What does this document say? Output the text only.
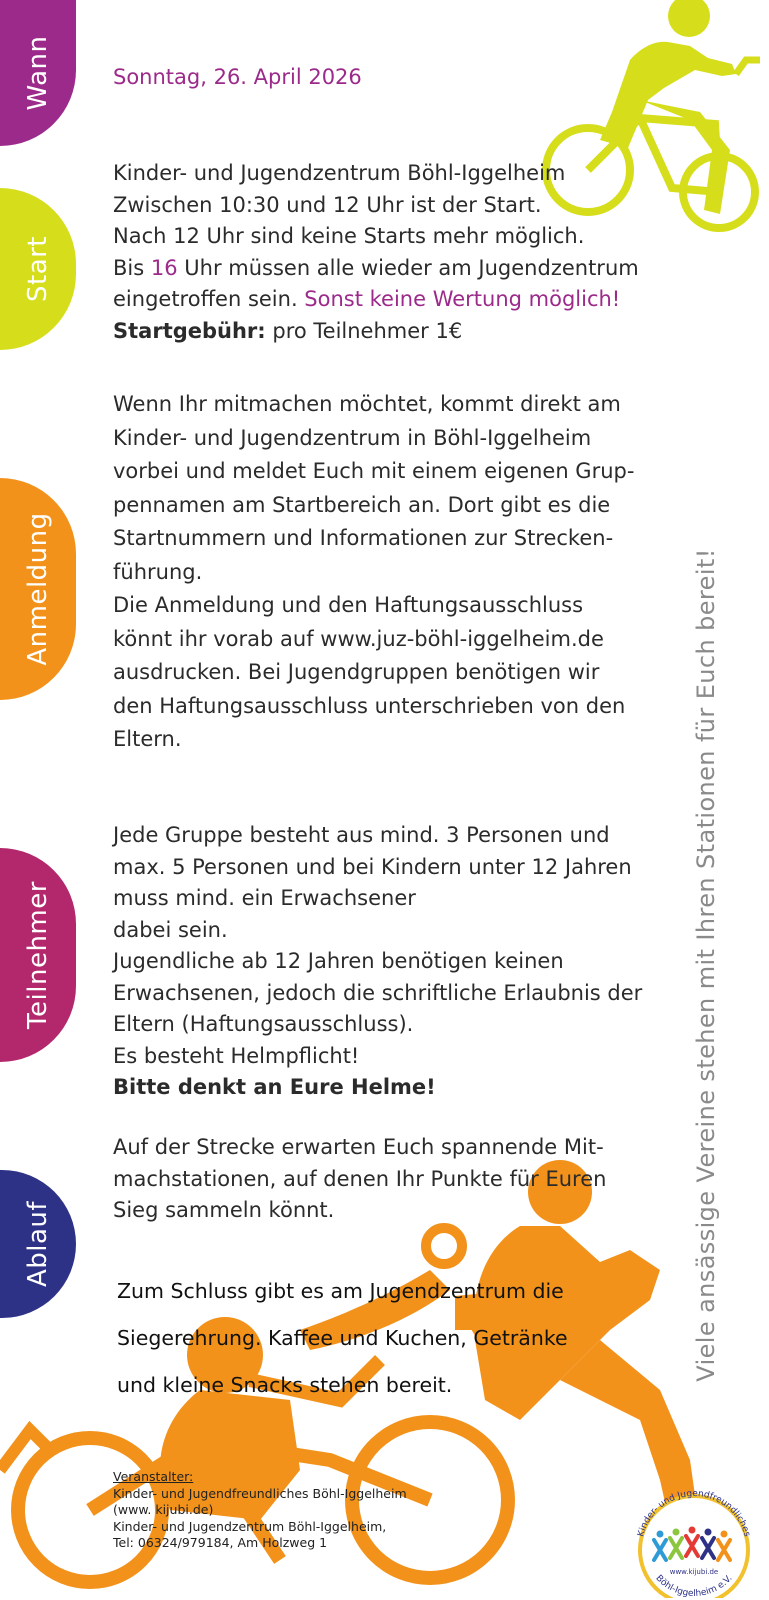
Wann
Start
Anmeldung
Teilnehmer
Ablauf
Sonntag, 26. April 2026
Kinder- und Jugendzentrum Böhl-Iggelheim
Zwischen 10:30 und 12 Uhr ist der Start.
Nach 12 Uhr sind keine Starts mehr möglich.
Bis 16 Uhr müssen alle wieder am Jugendzentrum
eingetroffen sein. Sonst keine Wertung möglich!
Startgebühr: pro Teilnehmer 1€
Wenn Ihr mitmachen möchtet, kommt direkt am
Kinder- und Jugendzentrum in Böhl-Iggelheim
vorbei und meldet Euch mit einem eigenen Grup-
pennamen am Startbereich an. Dort gibt es die
Startnummern und Informationen zur Strecken-
führung.
Die Anmeldung und den Haftungsausschluss
könnt ihr vorab auf www.juz-böhl-iggelheim.de
ausdrucken. Bei Jugendgruppen benötigen wir
den Haftungsausschluss unterschrieben von den
Eltern.
Jede Gruppe besteht aus mind. 3 Personen und
max. 5 Personen und bei Kindern unter 12 Jahren
muss mind. ein Erwachsener
dabei sein.
Jugendliche ab 12 Jahren benötigen keinen
Erwachsenen, jedoch die schriftliche Erlaubnis der
Eltern (Haftungsausschluss).
Es besteht Helmpflicht!
Bitte denkt an Eure Helme!
Auf der Strecke erwarten Euch spannende Mit-
machstationen, auf denen Ihr Punkte für Euren
Sieg sammeln könnt.
Zum Schluss gibt es am Jugendzentrum die
Siegerehrung. Kaffee und Kuchen, Getränke
und kleine Snacks stehen bereit.
Viele ansässige Vereine stehen mit Ihren Stationen für Euch bereit!
Veranstalter:
Kinder- und Jugendfreundliches Böhl-Iggelheim
(www. kijubi.de)
Kinder- und Jugendzentrum Böhl-Iggelheim,
Tel: 06324/979184, Am Holzweg 1
Kinder- und Jugendfreundliches
Böhl-Iggelheim e.V.
www.kijubi.de
